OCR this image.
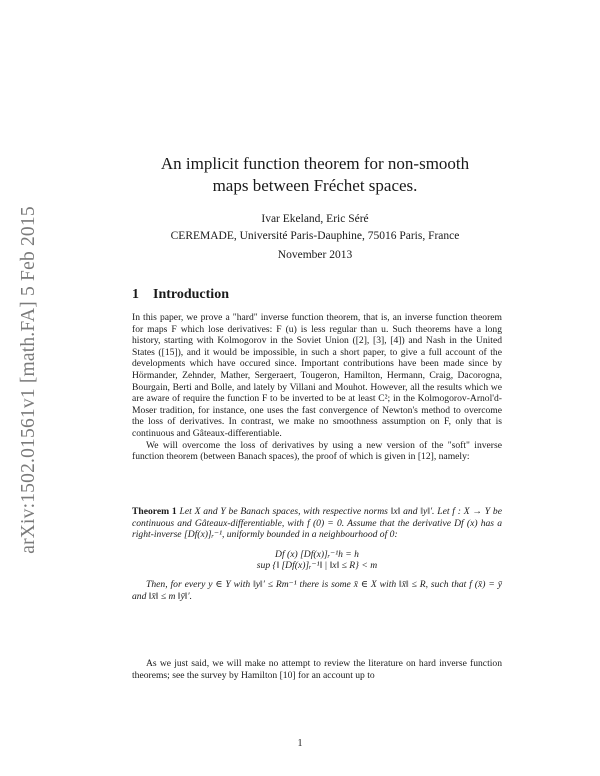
arXiv:1502.01561v1 [math.FA] 5 Feb 2015
An implicit function theorem for non-smooth
maps between Fréchet spaces.
Ivar Ekeland, Eric Séré
CEREMADE, Université Paris-Dauphine, 75016 Paris, France
November 2013
1 Introduction

In this paper, we prove a "hard" inverse function theorem, that is, an inverse function theorem for maps F which lose derivatives: F (u) is less regular than u. Such theorems have a long history, starting with Kolmogorov in the Soviet Union ([2], [3], [4]) and Nash in the United States ([15]), and it would be impossible, in such a short paper, to give a full account of the developments which have occured since. Important contributions have been made since by Hörmander, Zehnder, Mather, Sergeraert, Tougeron, Hamilton, Hermann, Craig, Dacorogna, Bourgain, Berti and Bolle, and lately by Villani and Mouhot. However, all the results which we are aware of require the function F to be inverted to be at least C²; in the Kolmogorov-Arnol'd-Moser tradition, for instance, one uses the fast convergence of Newton's method to overcome the loss of derivatives. In contrast, we make no smoothness assumption on F, only that is continuous and Gâteaux-differentiable.

We will overcome the loss of derivatives by using a new version of the "soft" inverse function theorem (between Banach spaces), the proof of which is given in [12], namely:

Theorem 1 Let X and Y be Banach spaces, with respective norms ‖x‖ and ‖y‖′. Let f : X → Y be continuous and Gâteaux-differentiable, with f (0) = 0. Assume that the derivative Df (x) has a right-inverse [Df(x)]ᵣ⁻¹, uniformly bounded in a neighbourhood of 0:

Df (x) [Df(x)]ᵣ⁻¹h = h

sup {‖ [Df(x)]ᵣ⁻¹‖ | ‖x‖ ≤ R} < m

Then, for every y ∈ Y with ‖y‖′ ≤ Rm⁻¹ there is some x̄ ∈ X with ‖x̄‖ ≤ R, such that f (x̄) = ȳ and ‖x̄‖ ≤ m ‖ȳ‖′.

As we just said, we will make no attempt to review the literature on hard inverse function theorems; see the survey by Hamilton [10] for an account up to

1
